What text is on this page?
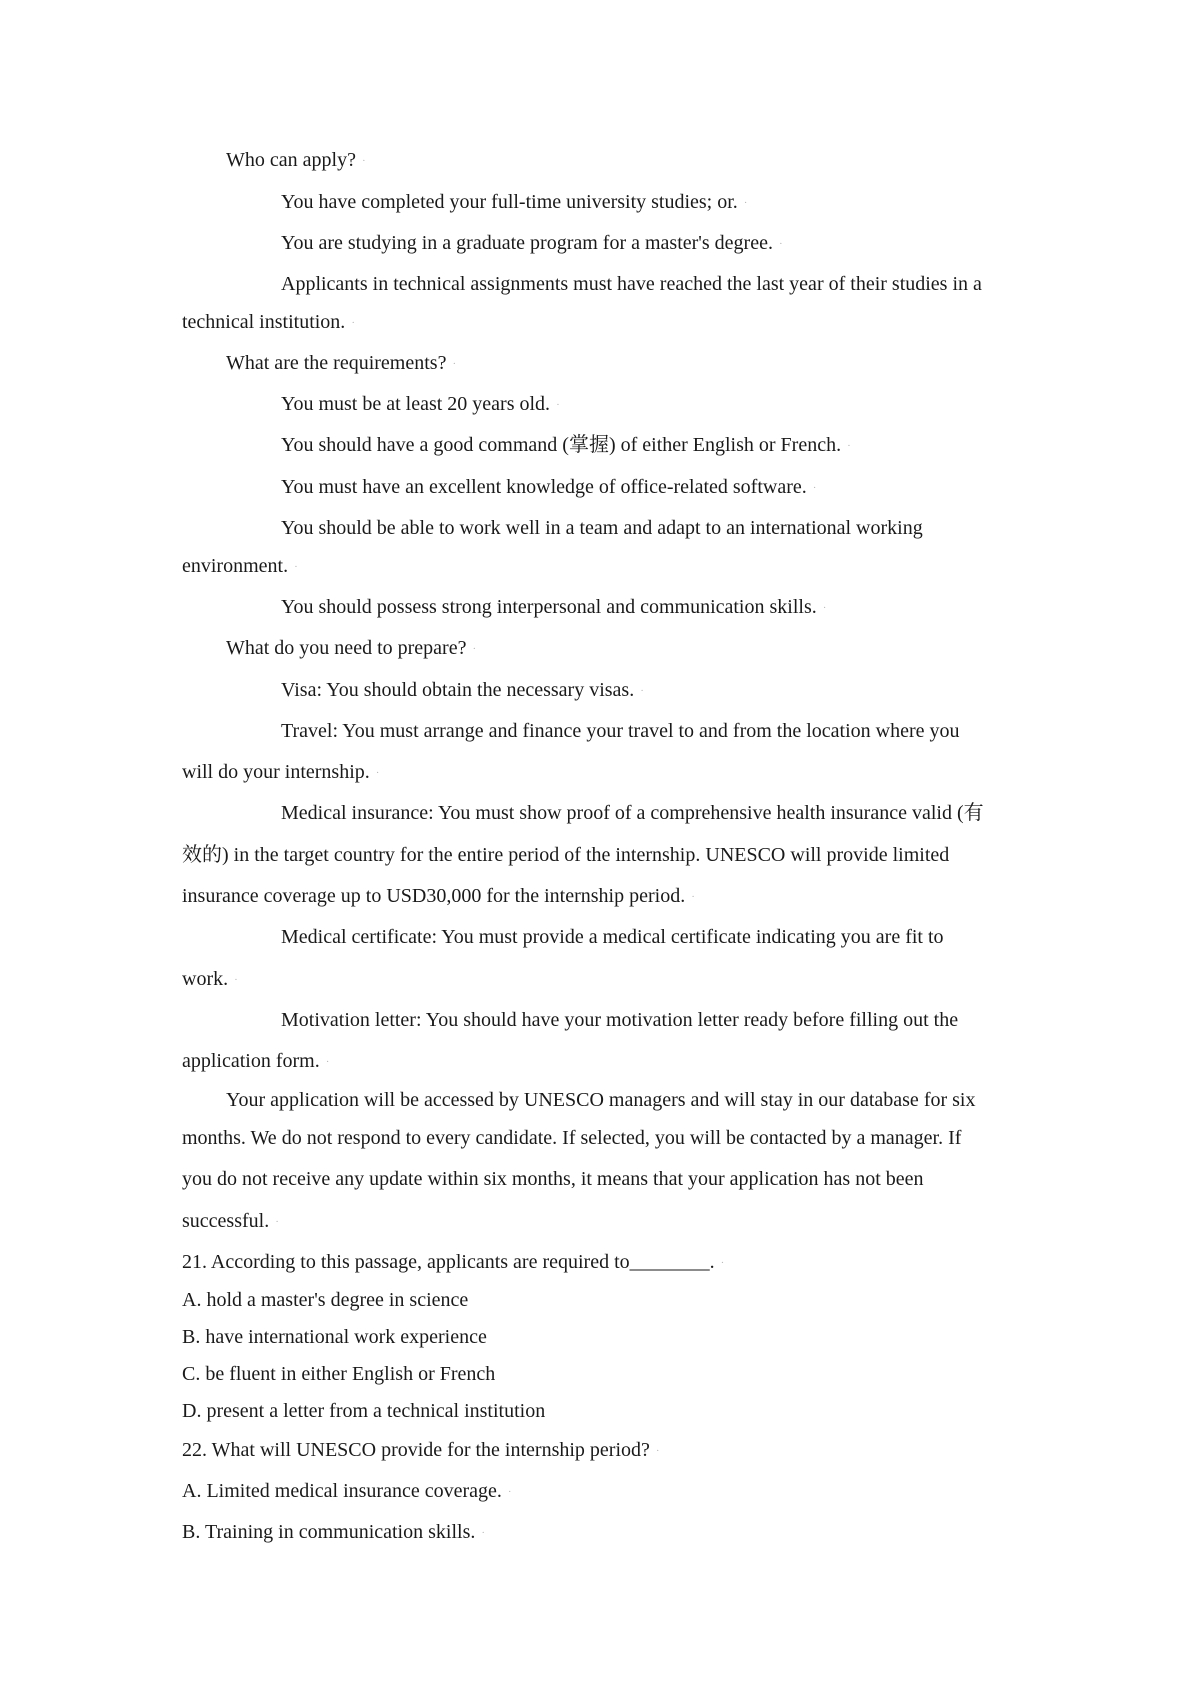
Who can apply? ·
You have completed your full-time university studies; or. ·
You are studying in a graduate program for a master's degree. ·
Applicants in technical assignments must have reached the last year of their studies in a
technical institution. ·
What are the requirements? ·
You must be at least 20 years old. ·
You should have a good command (掌握) of either English or French. ·
You must have an excellent knowledge of office-related software. ·
You should be able to work well in a team and adapt to an international working
environment. ·
You should possess strong interpersonal and communication skills. ·
What do you need to prepare? ·
Visa: You should obtain the necessary visas. ·
Travel: You must arrange and finance your travel to and from the location where you
will do your internship. ·
Medical insurance: You must show proof of a comprehensive health insurance valid (有
效的) in the target country for the entire period of the internship. UNESCO will provide limited
insurance coverage up to USD30,000 for the internship period. ·
Medical certificate: You must provide a medical certificate indicating you are fit to
work. ·
Motivation letter: You should have your motivation letter ready before filling out the
application form. ·
Your application will be accessed by UNESCO managers and will stay in our database for six
months. We do not respond to every candidate. If selected, you will be contacted by a manager. If
you do not receive any update within six months, it means that your application has not been
successful. ·
21. According to this passage, applicants are required to________. ·
A. hold a master's degree in science
B. have international work experience
C. be fluent in either English or French
D. present a letter from a technical institution
22. What will UNESCO provide for the internship period? ·
A. Limited medical insurance coverage. ·
B. Training in communication skills. ·
